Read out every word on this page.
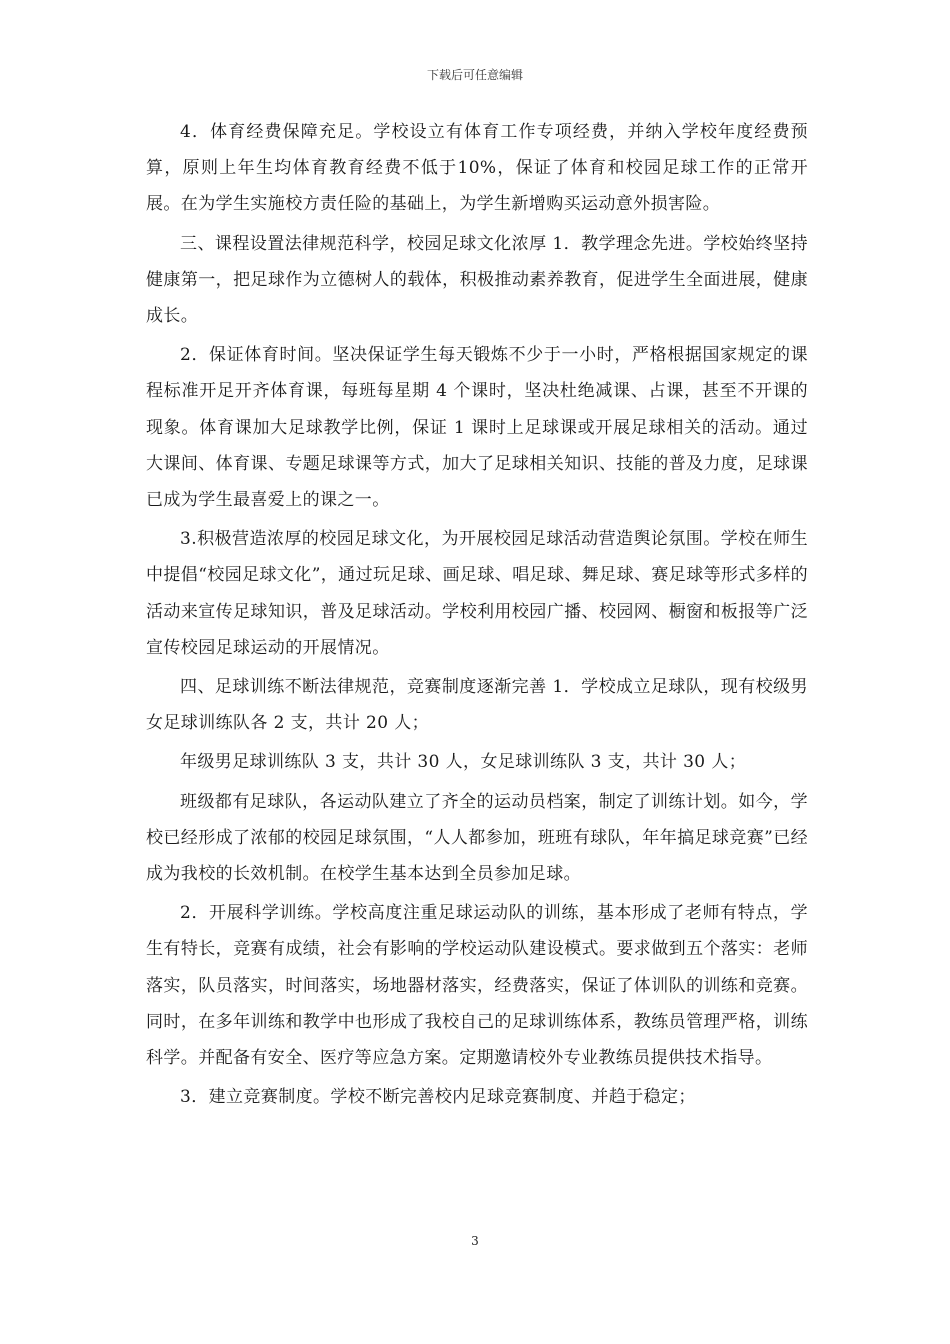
下载后可任意编辑

4．体育经费保障充足。学校设立有体育工作专项经费，并纳入学校年度经费预算，原则上年生均体育教育经费不低于10%，保证了体育和校园足球工作的正常开展。在为学生实施校方责任险的基础上，为学生新增购买运动意外损害险。

三、课程设置法律规范科学，校园足球文化浓厚 1．教学理念先进。学校始终坚持健康第一，把足球作为立德树人的载体，积极推动素养教育，促进学生全面进展，健康成长。

2．保证体育时间。坚决保证学生每天锻炼不少于一小时，严格根据国家规定的课程标准开足开齐体育课，每班每星期 4 个课时，坚决杜绝减课、占课，甚至不开课的现象。体育课加大足球教学比例，保证 1 课时上足球课或开展足球相关的活动。通过大课间、体育课、专题足球课等方式，加大了足球相关知识、技能的普及力度，足球课已成为学生最喜爱上的课之一。

3.积极营造浓厚的校园足球文化，为开展校园足球活动营造舆论氛围。学校在师生中提倡“校园足球文化”，通过玩足球、画足球、唱足球、舞足球、赛足球等形式多样的活动来宣传足球知识，普及足球活动。学校利用校园广播、校园网、橱窗和板报等广泛宣传校园足球运动的开展情况。

四、足球训练不断法律规范，竞赛制度逐渐完善 1．学校成立足球队，现有校级男女足球训练队各 2 支，共计 20 人；

年级男足球训练队 3 支，共计 30 人，女足球训练队 3 支，共计 30 人；

班级都有足球队，各运动队建立了齐全的运动员档案，制定了训练计划。如今，学校已经形成了浓郁的校园足球氛围，“人人都参加，班班有球队，年年搞足球竞赛”已经成为我校的长效机制。在校学生基本达到全员参加足球。

2．开展科学训练。学校高度注重足球运动队的训练，基本形成了老师有特点，学生有特长，竞赛有成绩，社会有影响的学校运动队建设模式。要求做到五个落实：老师落实，队员落实，时间落实，场地器材落实，经费落实，保证了体训队的训练和竞赛。同时，在多年训练和教学中也形成了我校自己的足球训练体系，教练员管理严格，训练科学。并配备有安全、医疗等应急方案。定期邀请校外专业教练员提供技术指导。

3．建立竞赛制度。学校不断完善校内足球竞赛制度、并趋于稳定；

3
